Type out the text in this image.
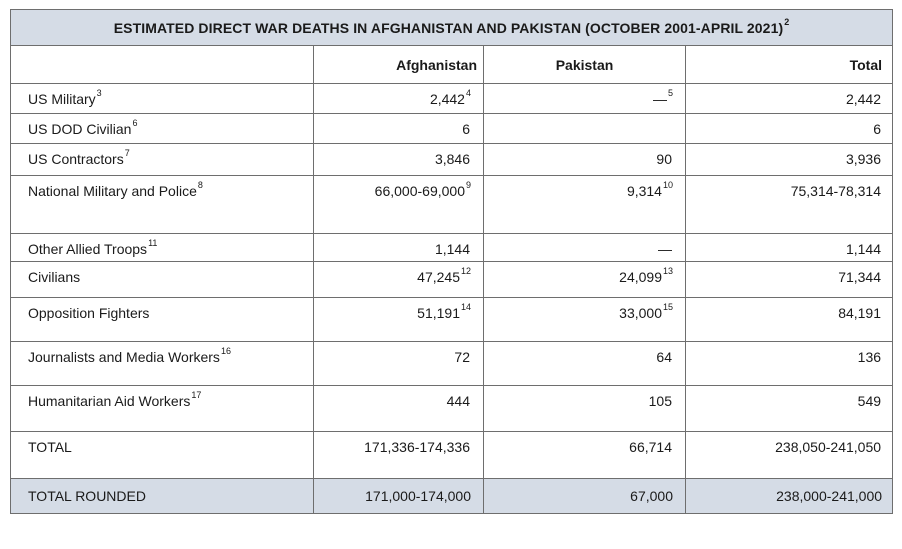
ESTIMATED DIRECT WAR DEATHS IN AFGHANISTAN AND PAKISTAN (OCTOBER 2001-APRIL 2021)$^2$
	Afghanistan	Pakistan	Total
US Military$^3$	2,442$^4$	—$^5$	2,442
US DOD Civilian$^6$	6		6
US Contractors$^7$	3,846	90	3,936
National Military and Police$^8$	66,000-69,000$^9$	9,314$^{10}$	75,314-78,314
Other Allied Troops$^{11}$	1,144	—	1,144
Civilians	47,245$^{12}$	24,099$^{13}$	71,344
Opposition Fighters	51,191$^{14}$	33,000$^{15}$	84,191
Journalists and Media Workers$^{16}$	72	64	136
Humanitarian Aid Workers$^{17}$	444	105	549
TOTAL	171,336-174,336	66,714	238,050-241,050
TOTAL ROUNDED	171,000-174,000	67,000	238,000-241,000
